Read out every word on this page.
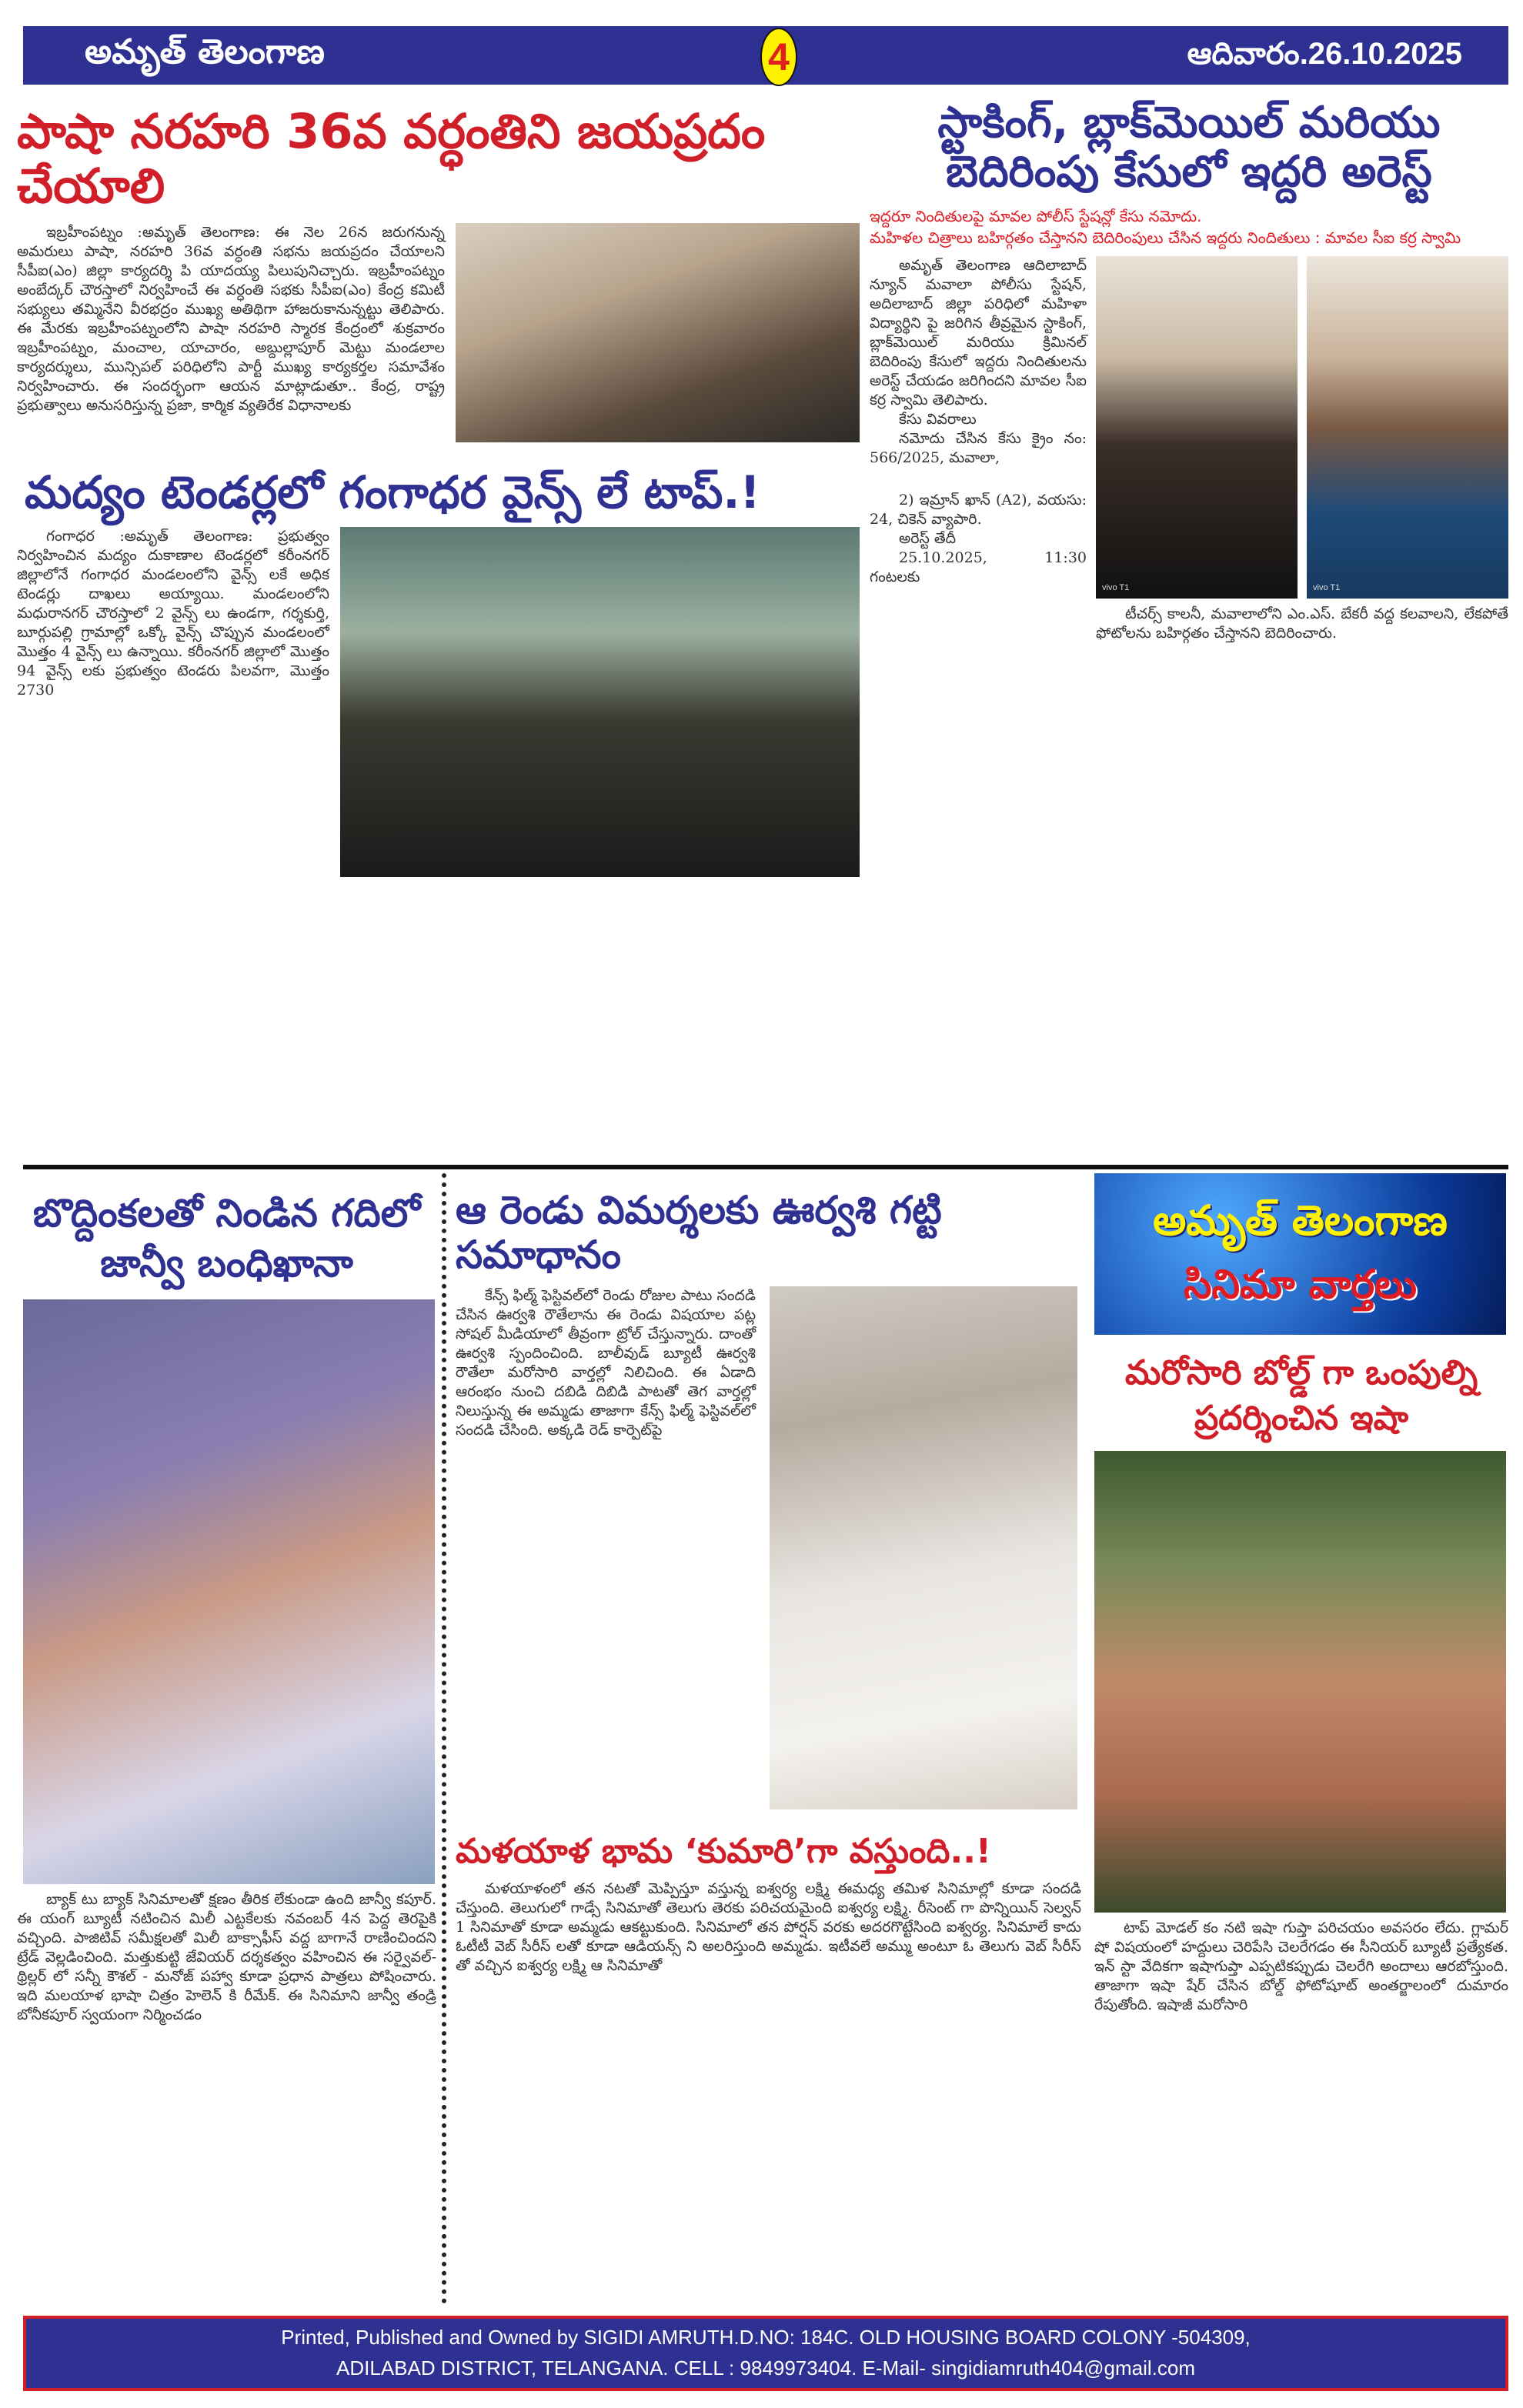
అమృత్ తెలంగాణ	4	ఆదివారం.26.10.2025
పాషా నరహరి 36వ వర్ధంతిని జయప్రదం చేయాలి
ఇబ్రహీంపట్నం :అమృత్ తెలంగాణ: ఈ నెల 26న జరుగనున్న అమరులు పాషా, నరహరి 36వ వర్ధంతి సభను జయప్రదం చేయాలని సీపీఐ(ఎం) జిల్లా కార్యదర్శి పి యాదయ్య పిలుపునిచ్చారు. ఇబ్రహీంపట్నం అంబేద్కర్ చౌరస్తాలో నిర్వహించే ఈ వర్ధంతి సభకు సీపీఐ(ఎం) కేంద్ర కమిటీ సభ్యులు తమ్మినేని వీరభద్రం ముఖ్య అతిథిగా హాజరుకానున్నట్టు తెలిపారు. ఈ మేరకు ఇబ్రహీంపట్నంలోని పాషా నరహరి స్మారక కేంద్రంలో శుక్రవారం ఇబ్రహీంపట్నం, మంచాల, యాచారం, అబ్దుల్లాపూర్ మెట్టు మండలాల కార్యదర్శులు, మున్సిపల్ పరిధిలోని పార్టీ ముఖ్య కార్యకర్తల సమావేశం నిర్వహించారు. ఈ సందర్భంగా ఆయన మాట్లాడుతూ.. కేంద్ర, రాష్ట్ర ప్రభుత్వాలు అనుసరిస్తున్న ప్రజా, కార్మిక వ్యతిరేక విధానాలకు
మద్యం టెండర్లలో గంగాధర వైన్స్ లే టాప్.!
గంగాధర :అమృత్ తెలంగాణ: ప్రభుత్వం నిర్వహించిన మద్యం దుకాణాల టెండర్లలో కరీంనగర్ జిల్లాలోనే గంగాధర మండలంలోని వైన్స్ లకే అధిక టెండర్లు దాఖలు అయ్యాయి. మండలంలోని మధురానగర్ చౌరస్తాలో 2 వైన్స్ లు ఉండగా, గర్శకుర్తి, బూర్గుపల్లి గ్రామాల్లో ఒక్కో వైన్స్ చొప్పున మండలంలో మొత్తం 4 వైన్స్ లు ఉన్నాయి. కరీంనగర్ జిల్లాలో మొత్తం 94 వైన్స్ లకు ప్రభుత్వం టెండరు పిలవగా, మొత్తం 2730
స్టాకింగ్, బ్లాక్‌మెయిల్ మరియు బెదిరింపు కేసులో ఇద్దరి అరెస్ట్
ఇద్దరూ నిందితులపై మావల పోలీస్ స్టేషన్లో కేసు నమోదు.
మహిళల చిత్రాలు బహిర్గతం చేస్తానని బెదిరింపులు చేసిన ఇద్దరు నిందితులు : మావల సీఐ కర్ర స్వామి
అమృత్ తెలంగాణ ఆదిలాబాద్ న్యూన్ మవాలా పోలీసు స్టేషన్, అదిలాబాద్ జిల్లా పరిధిలో మహిళా విద్యార్థిని పై జరిగిన తీవ్రమైన స్టాకింగ్, బ్లాక్‌మెయిల్ మరియు క్రిమినల్ బెదిరింపు కేసులో ఇద్దరు నిందితులను అరెస్ట్ చేయడం జరిగిందని మావల సీఐ కర్ర స్వామి తెలిపారు.
కేసు వివరాలు
నమోదు చేసిన కేసు క్రైం నం: 566/2025, మవాలా,
2) ఇమ్రాన్ ఖాన్ (A2), వయసు: 24, చికెన్ వ్యాపారి.
అరెస్ట్ తేదీ
25.10.2025, 11:30 గంటలకు
vivo T1	vivo T1
టీచర్స్ కాలనీ, మవాలాలోని ఎం.ఎస్. బేకరీ వద్ద కలవాలని, లేకపోతే ఫోటోలను బహిర్గతం చేస్తానని బెదిరించారు.
బొద్దింకలతో నిండిన గదిలో జాన్వీ బంధిఖానా
బ్యాక్ టు బ్యాక్ సినిమాలతో క్షణం తీరిక లేకుండా ఉంది జాన్వీ కపూర్. ఈ యంగ్ బ్యూటీ నటించిన మిలీ ఎట్టకేలకు నవంబర్ 4న పెద్ద తెరపైకి వచ్చింది. పాజిటివ్ సమీక్షలతో మిలీ బాక్సాఫీస్ వద్ద బాగానే రాణించిందని ట్రేడ్ వెల్లడించింది. మత్తుకుట్టి జేవియర్ దర్శకత్వం వహించిన ఈ సర్వైవల్-థ్రిల్లర్ లో సన్నీ కౌశల్ - మనోజ్ పహ్వా కూడా ప్రధాన పాత్రలు పోషించారు. ఇది మలయాళ భాషా చిత్రం హెలెన్ కి రీమేక్. ఈ సినిమాని జాన్వీ తండ్రి బోనీకపూర్ స్వయంగా నిర్మించడం
ఆ రెండు విమర్శలకు ఊర్వశి గట్టి సమాధానం
కేన్స్ ఫిల్మ్ ఫెస్టివల్‌లో రెండు రోజుల పాటు సందడి చేసిన ఊర్వశి రౌతేలాను ఈ రెండు విషయాల పట్ల సోషల్ మీడియాలో తీవ్రంగా ట్రోల్ చేస్తున్నారు. దాంతో ఊర్వశి స్పందించింది. బాలీవుడ్ బ్యూటీ ఊర్వశి రౌతేలా మరోసారి వార్తల్లో నిలిచింది. ఈ ఏడాది ఆరంభం నుంచి దబిడి దిబిడి పాటతో తెగ వార్తల్లో నిలుస్తున్న ఈ అమ్మడు తాజాగా కేన్స్ ఫిల్మ్ ఫెస్టివల్‌లో సందడి చేసింది. అక్కడి రెడ్ కార్పెట్‌పై
మళయాళ భామ ‘కుమారి’గా వస్తుంది..!
మళయాళంలో తన నటతో మెప్పిస్తూ వస్తున్న ఐశ్వర్య లక్ష్మి ఈమధ్య తమిళ సినిమాల్లో కూడా సందడి చేస్తుంది. తెలుగులో గాడ్సే సినిమాతో తెలుగు తెరకు పరిచయమైంది ఐశ్వర్య లక్ష్మి. రీసెంట్ గా పొన్నియిన్ సెల్వన్ 1 సినిమాతో కూడా అమ్మడు ఆకట్టుకుంది. సినిమాలో తన పోర్షన్ వరకు అదరగొట్టేసింది ఐశ్వర్య. సినిమాలే కాదు ఓటీటీ వెబ్ సీరీస్ లతో కూడా ఆడియన్స్ ని అలరిస్తుంది అమ్మడు. ఇటీవలే అమ్ము అంటూ ఓ తెలుగు వెబ్ సీరీస్ తో వచ్చిన ఐశ్వర్య లక్ష్మి ఆ సినిమాతో
అమృత్ తెలంగాణ
సినిమా వార్తలు
మరోసారి బోల్డ్ గా ఒంపుల్ని ప్రదర్శించిన ఇషా
టాప్ మోడల్ కం నటి ఇషా గుప్తా పరిచయం అవసరం లేదు. గ్లామర్ షో విషయంలో హద్దులు చెరిపేసి చెలరేగడం ఈ సీనియర్ బ్యూటీ ప్రత్యేకత. ఇన్ స్టా వేదికగా ఇషాగుప్తా ఎప్పటికప్పుడు చెలరేగి అందాలు ఆరబోస్తుంది. తాజాగా ఇషా షేర్ చేసిన బోల్డ్ ఫోటోషూట్ అంతర్జాలంలో దుమారం రేపుతోంది. ఇషాజీ మరోసారి
Printed, Published and Owned by SIGIDI AMRUTH.D.NO: 184C. OLD HOUSING BOARD COLONY -504309,
ADILABAD DISTRICT, TELANGANA. CELL : 9849973404. E-Mail- singidiamruth404@gmail.com
